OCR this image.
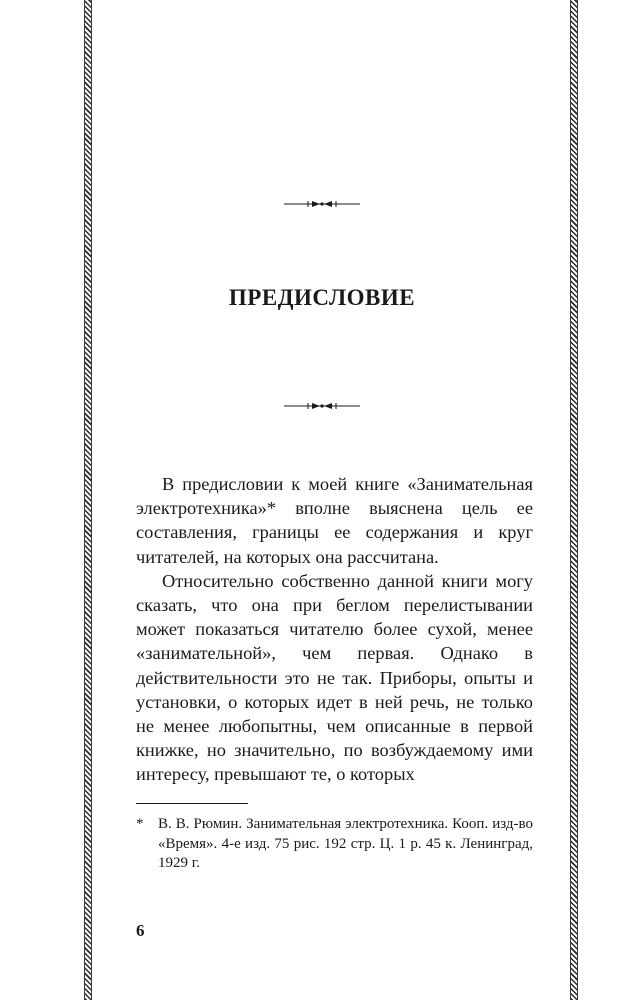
ПРЕДИСЛОВИЕ

В предисловии к моей книге «Занимательная электротехника»* вполне выяснена цель ее составления, границы ее содержания и круг читателей, на которых она рассчитана.

Относительно собственно данной книги могу сказать, что она при беглом перелистывании может показаться читателю более сухой, менее «занимательной», чем первая. Однако в действительности это не так. Приборы, опыты и установки, о которых идет в ней речь, не только не менее любопытны, чем описанные в первой книжке, но значительно, по возбуждаемому ими интересу, превышают те, о которых

* В. В. Рюмин. Занимательная электротехника. Кооп. изд-во «Время». 4-е изд. 75 рис. 192 стр. Ц. 1 р. 45 к. Ленинград, 1929 г.

6
